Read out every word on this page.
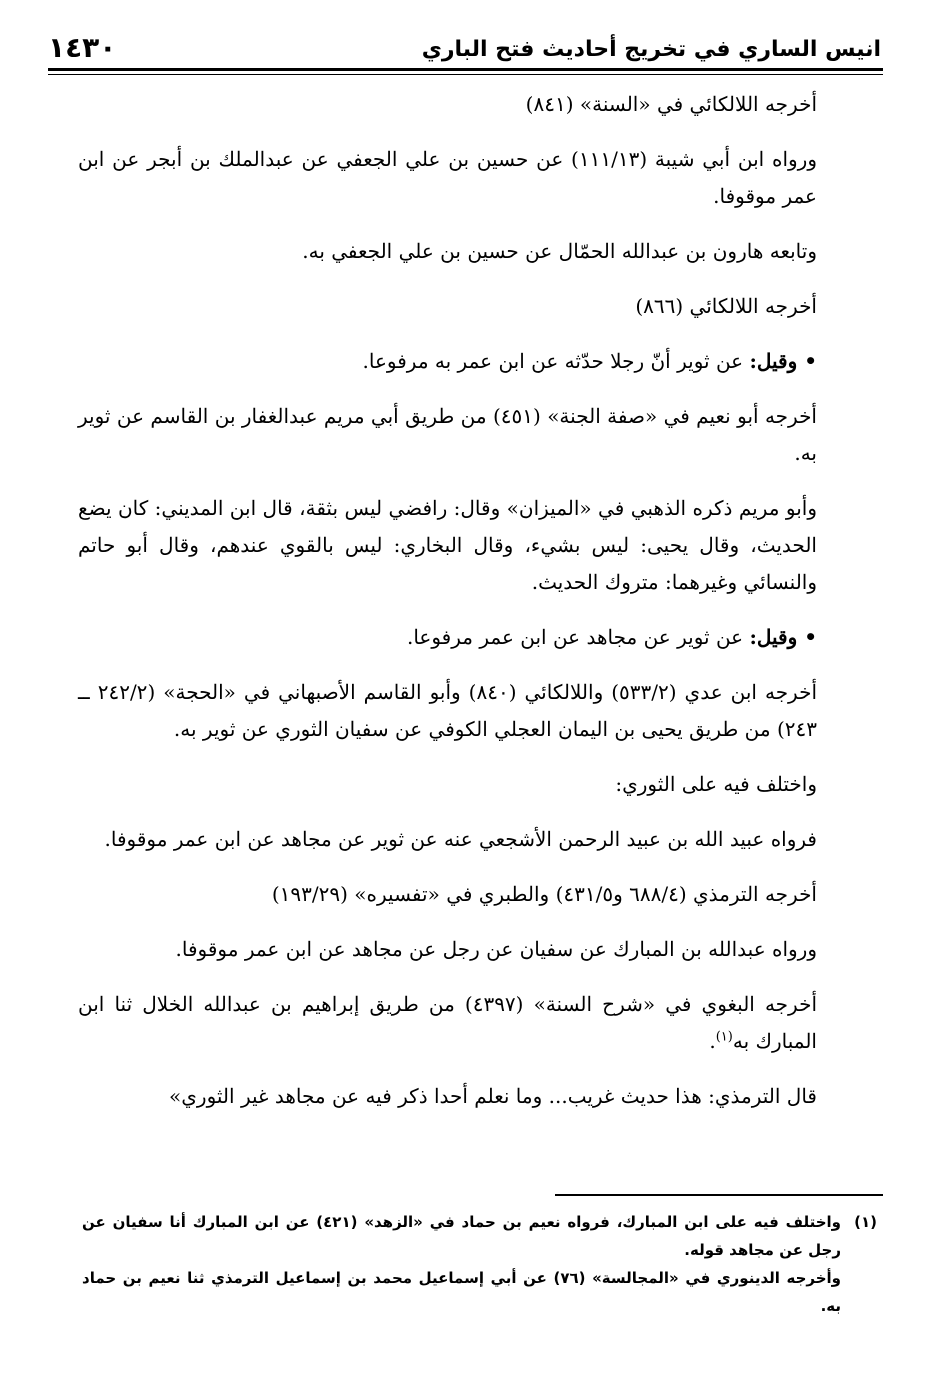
١٤٣٠	انيس الساري في تخريج أحاديث فتح الباري

أخرجه اللالكائي في «السنة» (٨٤١)

ورواه ابن أبي شيبة (١١١/١٣) عن حسين بن علي الجعفي عن عبدالملك بن أبجر عن ابن عمر موقوفا.

وتابعه هارون بن عبدالله الحمّال عن حسين بن علي الجعفي به.

أخرجه اللالكائي (٨٦٦)

• وقيل: عن ثوير أنّ رجلا حدّثه عن ابن عمر به مرفوعا.

أخرجه أبو نعيم في «صفة الجنة» (٤٥١) من طريق أبي مريم عبدالغفار بن القاسم عن ثوير به.

وأبو مريم ذكره الذهبي في «الميزان» وقال: رافضي ليس بثقة، قال ابن المديني: كان يضع الحديث، وقال يحيى: ليس بشيء، وقال البخاري: ليس بالقوي عندهم، وقال أبو حاتم والنسائي وغيرهما: متروك الحديث.

• وقيل: عن ثوير عن مجاهد عن ابن عمر مرفوعا.

أخرجه ابن عدي (٥٣٣/٢) واللالكائي (٨٤٠) وأبو القاسم الأصبهاني في «الحجة» (٢٤٢/٢ ــ ٢٤٣) من طريق يحيى بن اليمان العجلي الكوفي عن سفيان الثوري عن ثوير به.

واختلف فيه على الثوري:

فرواه عبيد الله بن عبيد الرحمن الأشجعي عنه عن ثوير عن مجاهد عن ابن عمر موقوفا.

أخرجه الترمذي (٦٨٨/٤ و٤٣١/٥) والطبري في «تفسيره» (١٩٣/٢٩)

ورواه عبدالله بن المبارك عن سفيان عن رجل عن مجاهد عن ابن عمر موقوفا.

أخرجه البغوي في «شرح السنة» (٤٣٩٧) من طريق إبراهيم بن عبدالله الخلال ثنا ابن المبارك به$^{(١)}$.

قال الترمذي: هذا حديث غريب... وما نعلم أحدا ذكر فيه عن مجاهد غير الثوري»

(١)
واختلف فيه على ابن المبارك، فرواه نعيم بن حماد في «الزهد» (٤٢١) عن ابن المبارك أنا سفيان عن رجل عن مجاهد قوله.

وأخرجه الدينوري في «المجالسة» (٧٦) عن أبي إسماعيل محمد بن إسماعيل الترمذي ثنا نعيم بن حماد به.
